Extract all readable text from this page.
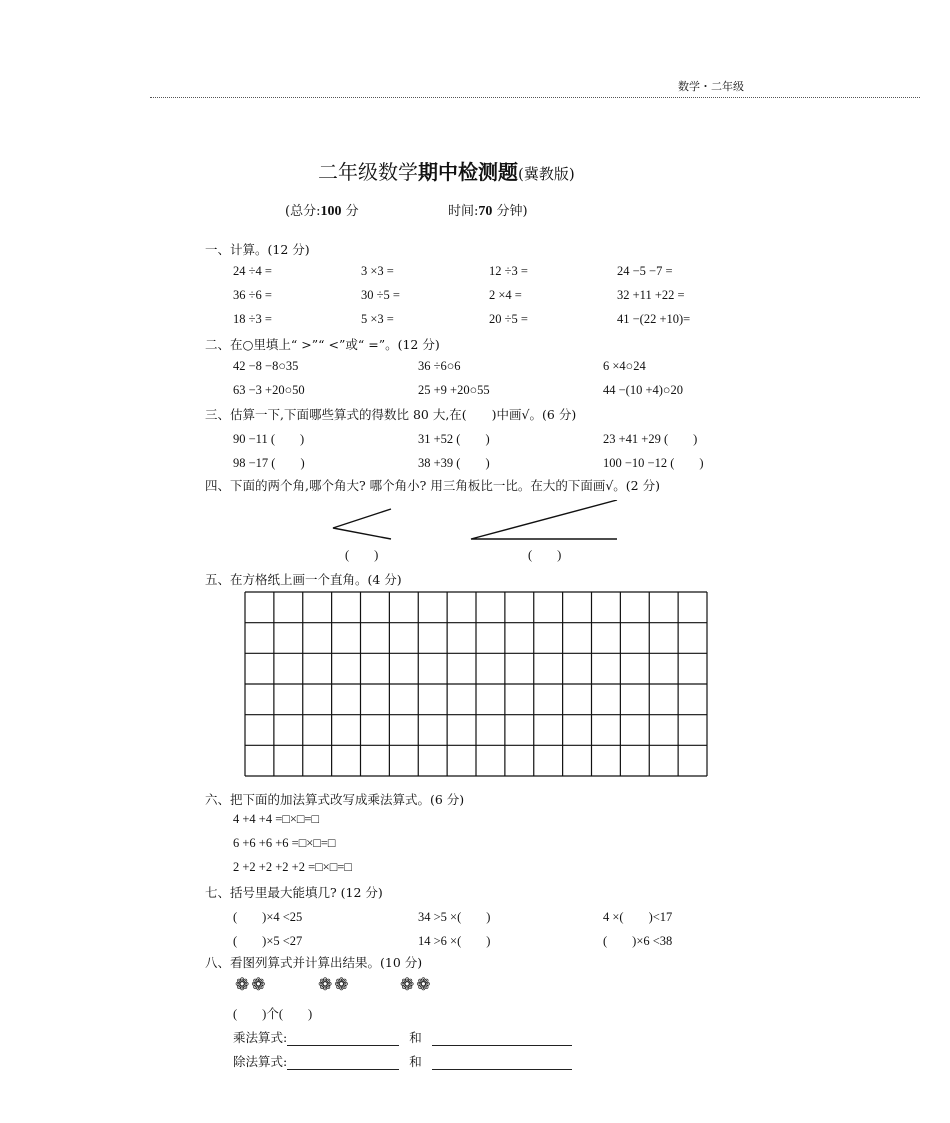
数学・二年级
二年级数学期中检测题(冀教版)
(总分:100 分	时间:70 分钟)
一、计算。(12 分)
24 ÷4 =	3 ×3 =	12 ÷3 =	24 −5 −7 =
36 ÷6 =	30 ÷5 =	2 ×4 =	32 +11 +22 =
18 ÷3 =	5 ×3 =	20 ÷5 =	41 −(22 +10)=
二、在○里填上“ >”“ <”或“ =”。(12 分)
42 −8 −8○35	36 ÷6○6	6 ×4○24
63 −3 +20○50	25 +9 +20○55	44 −(10 +4)○20
三、估算一下,下面哪些算式的得数比 80 大,在(　　)中画√。(6 分)
90 −11 (　　)	31 +52 (　　)	23 +41 +29 (　　)
98 −17 (　　)	38 +39 (　　)	100 −10 −12 (　　)
四、下面的两个角,哪个角大? 哪个角小? 用三角板比一比。在大的下面画√。(2 分)
(　　)	(　　)
五、在方格纸上画一个直角。(4 分)
六、把下面的加法算式改写成乘法算式。(6 分)
4 +4 +4 =□×□=□
6 +6 +6 +6 =□×□=□
2 +2 +2 +2 +2 =□×□=□
七、括号里最大能填几? (12 分)
(　　)×4 <25	34 >5 ×(　　)	4 ×(　　)<17
(　　)×5 <27	14 >6 ×(　　)	(　　)×6 <38
八、看图列算式并计算出结果。(10 分)
❁❁	❁❁	❁❁
(　　)个(　　)
乘法算式:	和
除法算式:	和
